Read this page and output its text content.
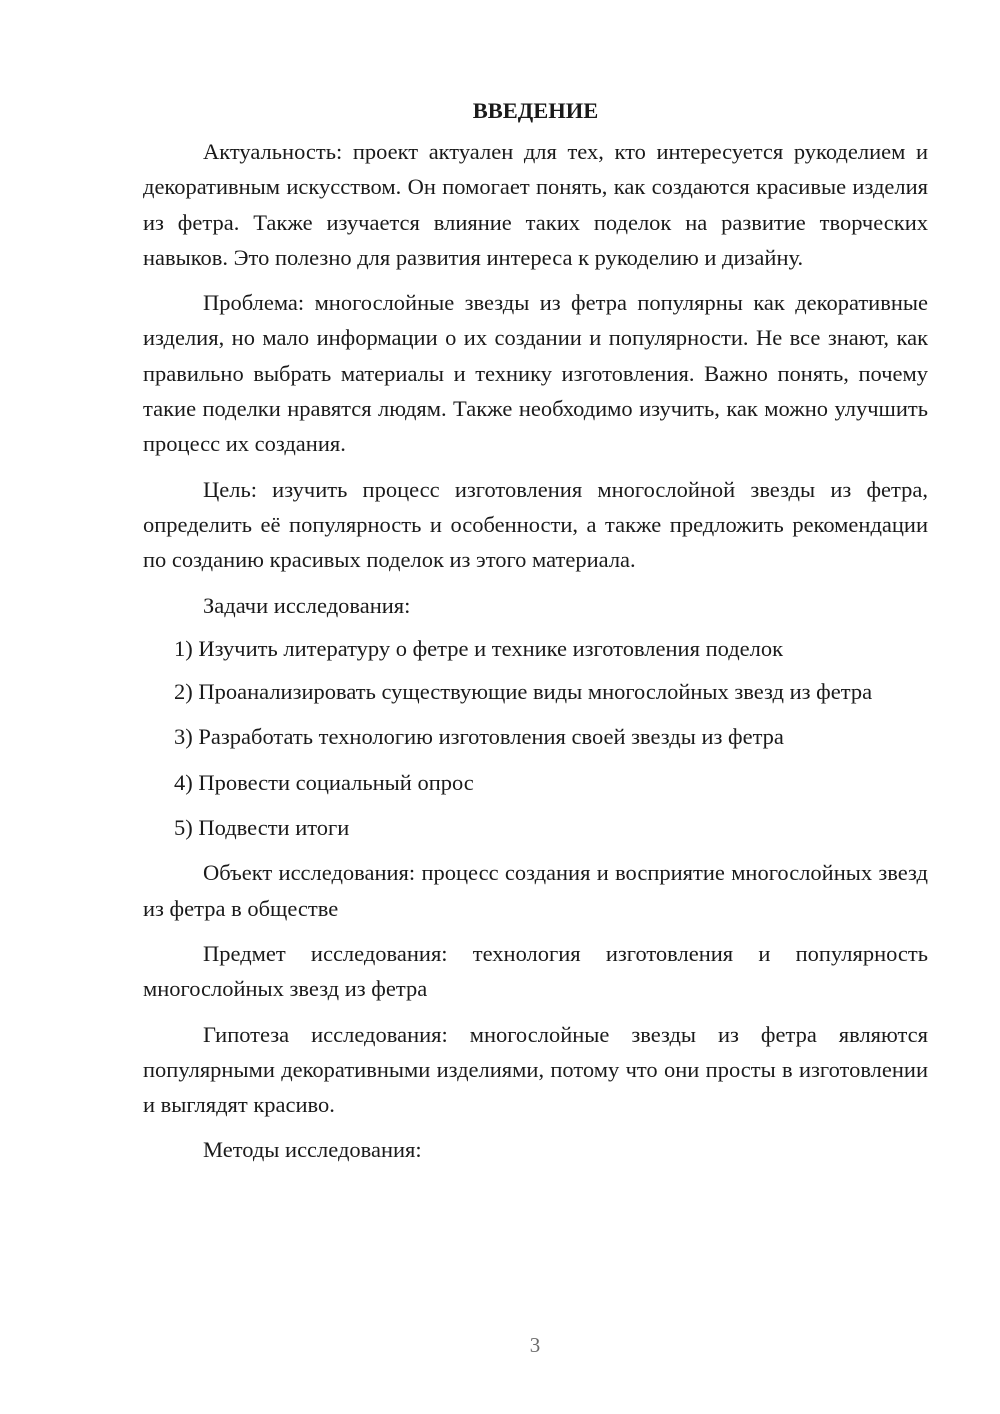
ВВЕДЕНИЕ

Актуальность: проект актуален для тех, кто интересуется рукоделием и декоративным искусством. Он помогает понять, как создаются красивые изделия из фетра. Также изучается влияние таких поделок на развитие творческих навыков. Это полезно для развития интереса к рукоделию и дизайну.

Проблема: многослойные звезды из фетра популярны как декоративные изделия, но мало информации о их создании и популярности. Не все знают, как правильно выбрать материалы и технику изготовления. Важно понять, почему такие поделки нравятся людям. Также необходимо изучить, как можно улучшить процесс их создания.

Цель: изучить процесс изготовления многослойной звезды из фетра, определить её популярность и особенности, а также предложить рекомендации по созданию красивых поделок из этого материала.

Задачи исследования:

1) Изучить литературу о фетре и технике изготовления поделок

2) Проанализировать существующие виды многослойных звезд из фетра

3) Разработать технологию изготовления своей звезды из фетра

4) Провести социальный опрос

5) Подвести итоги

Объект исследования: процесс создания и восприятие многослойных звезд из фетра в обществе

Предмет исследования: технология изготовления и популярность многослойных звезд из фетра

Гипотеза исследования: многослойные звезды из фетра являются популярными декоративными изделиями, потому что они просты в изготовлении и выглядят красиво.

Методы исследования:

3
